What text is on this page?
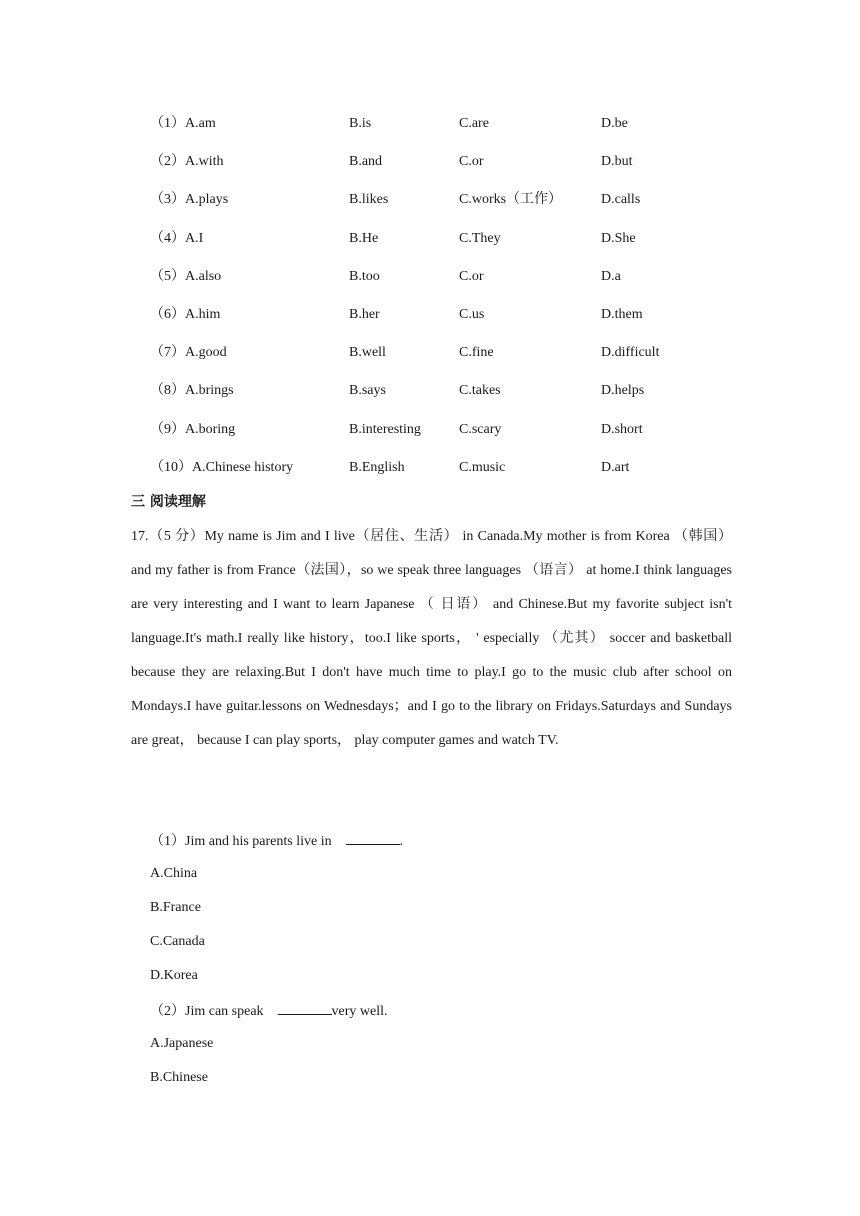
（1）A.am	B.is	C.are	D.be
（2）A.with	B.and	C.or	D.but
（3）A.plays	B.likes	C.works（工作）	D.calls
（4）A.I	B.He	C.They	D.She
（5）A.also	B.too	C.or	D.a
（6）A.him	B.her	C.us	D.them
（7）A.good	B.well	C.fine	D.difficult
（8）A.brings	B.says	C.takes	D.helps
（9）A.boring	B.interesting	C.scary	D.short
（10）A.Chinese history	B.English	C.music	D.art
三 阅读理解
17.（5 分）My name is Jim and I live（居住、生活） in Canada.My mother is from Korea （韩国） and my father is from France（法国），so we speak three languages （语言） at home.I think languages are very interesting and I want to learn Japanese （ 日语） and Chinese.But my favorite subject isn't language.It's math.I really like history，too.I like sports， ' especially （尤其） soccer and basketball because they are relaxing.But I don't have much time to play.I go to the music club after school on Mondays.I have guitar.lessons on Wednesdays；and I go to the library on Fridays.Saturdays and Sundays are great， because I can play sports， play computer games and watch TV.
（1）Jim and his parents live in	.
A.China
B.France
C.Canada
D.Korea
（2）Jim can speak	very well.
A.Japanese
B.Chinese
